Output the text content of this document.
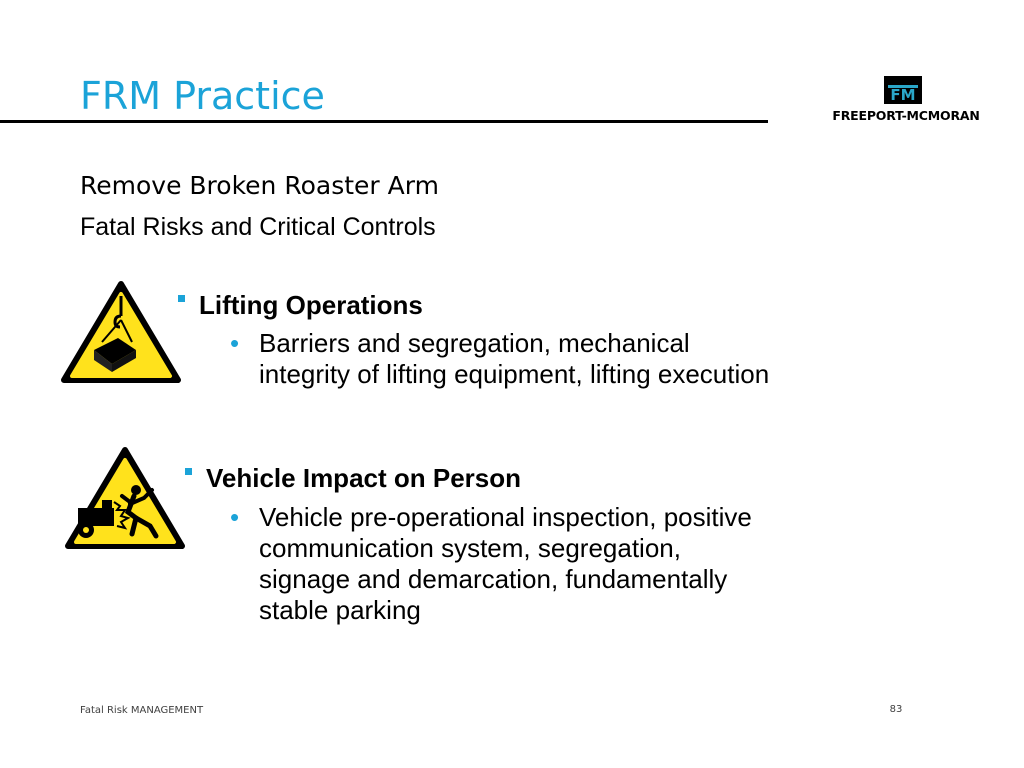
FRM Practice	FM
FREEPORT-MCMORAN
Remove Broken Roaster Arm
Fatal Risks and Critical Controls
Lifting Operations
• Barriers and segregation, mechanical integrity of lifting equipment, lifting execution
Vehicle Impact on Person
• Vehicle pre-operational inspection, positive communication system, segregation, signage and demarcation, fundamentally stable parking
Fatal Risk MANAGEMENT	83
